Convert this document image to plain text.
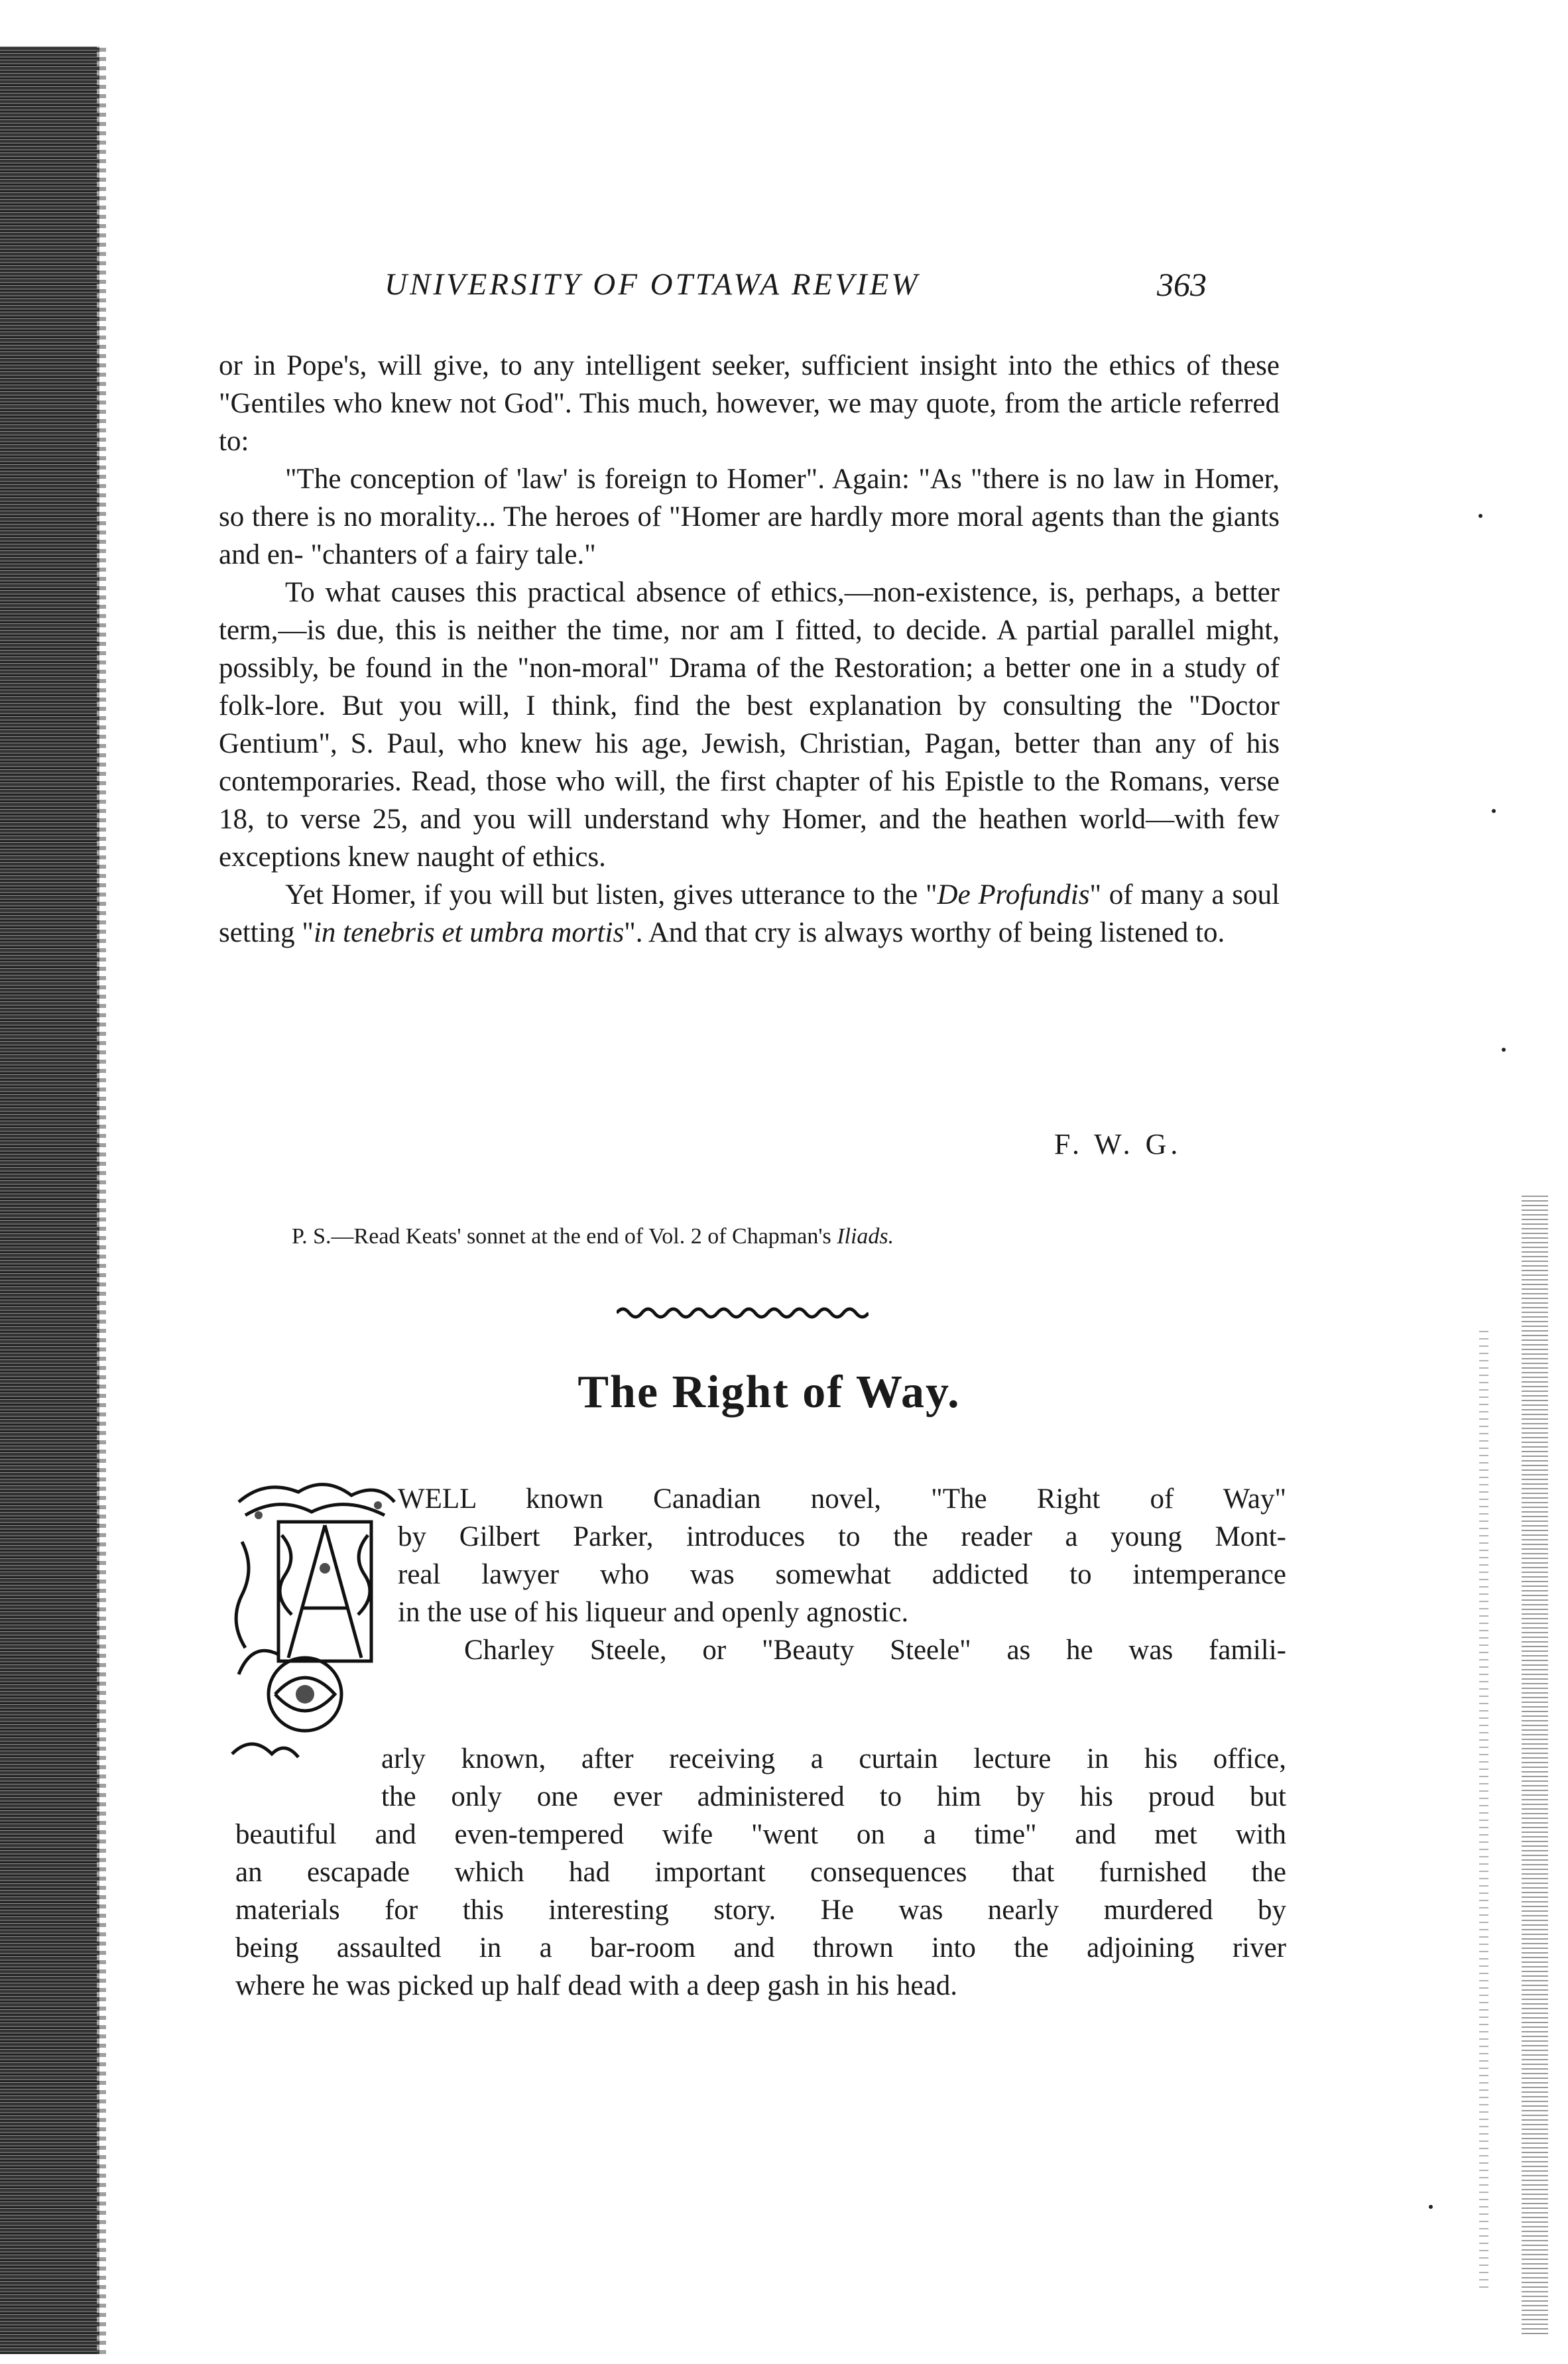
UNIVERSITY OF OTTAWA REVIEW	363

or in Pope's, will give, to any intelligent seeker, sufficient insight into the ethics of these "Gentiles who knew not God". This much, however, we may quote, from the article referred to:

"The conception of 'law' is foreign to Homer". Again: "As "there is no law in Homer, so there is no morality... The heroes of "Homer are hardly more moral agents than the giants and en- "chanters of a fairy tale."

To what causes this practical absence of ethics,—non-existence, is, perhaps, a better term,—is due, this is neither the time, nor am I fitted, to decide. A partial parallel might, possibly, be found in the "non-moral" Drama of the Restoration; a better one in a study of folk-lore. But you will, I think, find the best explanation by consulting the "Doctor Gentium", S. Paul, who knew his age, Jewish, Christian, Pagan, better than any of his contemporaries. Read, those who will, the first chapter of his Epistle to the Romans, verse 18, to verse 25, and you will understand why Homer, and the heathen world—with few exceptions knew naught of ethics.

Yet Homer, if you will but listen, gives utterance to the "De Profundis" of many a soul setting "in tenebris et umbra mortis". And that cry is always worthy of being listened to.

F. W. G.
P. S.—Read Keats' sonnet at the end of Vol. 2 of Chapman's Iliads.
The Right of Way.
A

WELL known Canadian novel, "The Right of Way"

by Gilbert Parker, introduces to the reader a young Mont-

real lawyer who was somewhat addicted to intemperance

in the use of his liqueur and openly agnostic.

Charley Steele, or "Beauty Steele" as he was famili-

arly known, after receiving a curtain lecture in his office,

the only one ever administered to him by his proud but

beautiful and even-tempered wife "went on a time" and met with

an escapade which had important consequences that furnished the

materials for this interesting story. He was nearly murdered by

being assaulted in a bar-room and thrown into the adjoining river

where he was picked up half dead with a deep gash in his head.
